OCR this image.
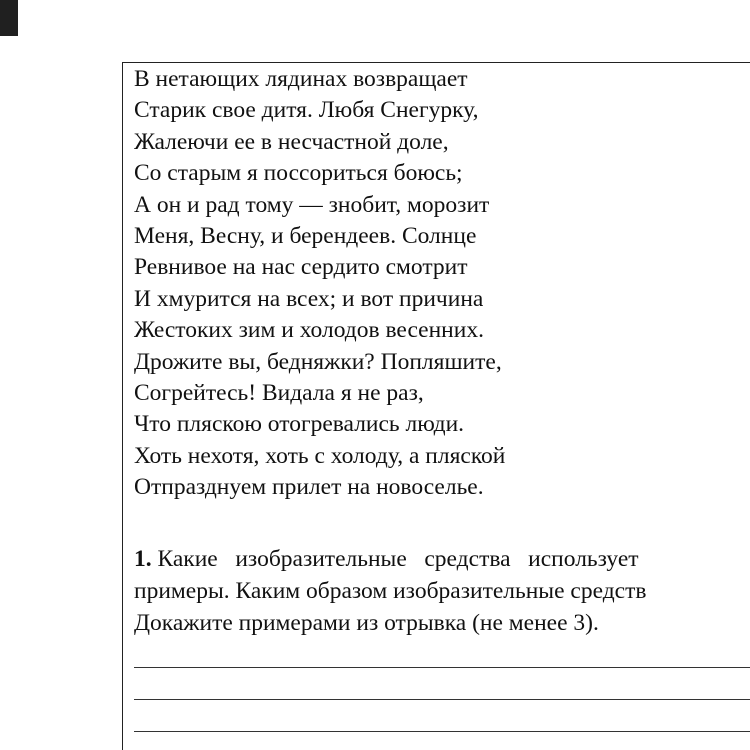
В нетающих лядинах возвращает
Старик свое дитя. Любя Снегурку,
Жалеючи ее в несчастной доле,
Со старым я поссориться боюсь;
А он и рад тому — знобит, морозит
Меня, Весну, и берендеев. Солнце
Ревнивое на нас сердито смотрит
И хмурится на всех; и вот причина
Жестоких зим и холодов весенних.
Дрожите вы, бедняжки? Попляшите,
Согрейтесь! Видала я не раз,
Что пляскою отогревались люди.
Хоть нехотя, хоть с холоду, а пляской
Отпразднуем прилет на новоселье.
1. Какие   изобразительные   средства   использует
примеры. Каким образом изобразительные средств
Докажите примерами из отрывка (не менее 3).
